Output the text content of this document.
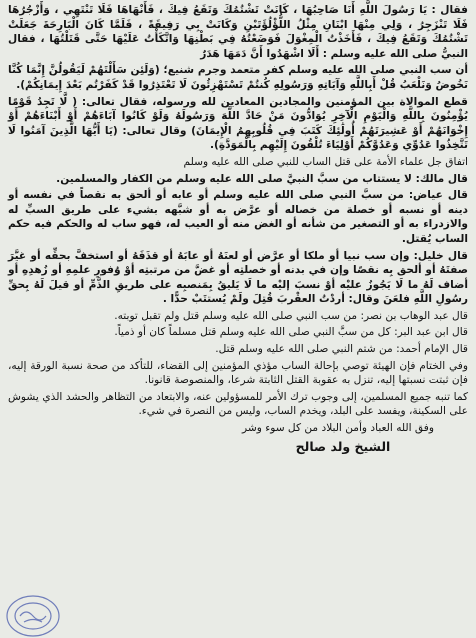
فقال : يَا رَسُولَ اللَّهِ أَنَا صَاحِبُهَا ، كَانَتْ تَشْتُمُكَ وَتَقَعُ فِيكَ ، فَأَنْهَاهَا فَلَا تَنْتَهِي ، وَأَزْجُرُهَا فَلَا تَنْزَجِرُ ، وَلِي مِنْهَا ابْنَانِ مِثْلُ اللُّؤْلُؤَتَيْنِ وَكَانَتْ بِي رَفِيقَةً ، فَلَمَّا كَانَ الْبَارِحَةَ جَعَلَتْ تَشْتُمُكَ وَتَقَعُ فِيكَ ، فَأَخَذْتُ الْمِغْوَلَ فَوَضَعْتُهُ فِي بَطْنِهَا وَاتَّكَأْتُ عَلَيْهَا حَتَّى قَتَلْتُهَا ، فقال النبيُّ صلى الله عليه وسلم : أَلَا اشْهَدُوا أَنَّ دَمَهَا هَدَرٌ

أن سب النبي صلى الله عليه وسلم كفر متعمد وجرم شنيع؛ (وَلَئِن سَأَلْتَهُمْ لَيَقُولُنَّ إِنَّمَا كُنَّا نَخُوضُ وَنَلْعَبُ قُلْ أَبِاللَّهِ وَآيَاتِهِ وَرَسُولِهِ كُنتُمْ تَسْتَهْزِئُونَ لَا تَعْتَذِرُوا قَدْ كَفَرْتُم بَعْدَ إِيمَانِكُمْ).

قطع الموالاة بين المؤمنين والمجادين المعادين لله ورسوله، فقال تعالى: ( لَّا تَجِدُ قَوْمًا يُؤْمِنُونَ بِاللَّهِ وَالْيَوْمِ الْآخِرِ يُوَادُّونَ مَنْ حَادَّ اللَّهَ وَرَسُولَهُ وَلَوْ كَانُوا آبَاءَهُمْ أَوْ أَبْنَاءَهُمْ أَوْ إِخْوَانَهُمْ أَوْ عَشِيرَتَهُمْ أُولَٰئِكَ كَتَبَ فِي قُلُوبِهِمُ الْإِيمَانَ) وقال تعالى: (يَا أَيُّهَا الَّذِينَ آمَنُوا لَا تَتَّخِذُوا عَدُوِّي وَعَدُوَّكُمْ أَوْلِيَاءَ تُلْقُونَ إِلَيْهِم بِالْمَوَدَّةِ).

اتفاق جل علماء الأمة على قتل الساب للنبي صلى الله عليه وسلم

قال مالك: لا يستتاب من سبَّ النبيَّ صلى الله عليه وسلم من الكفار والمسلمين.

قال عياض: من سبَّ النبي صلى الله عليه وسلم أو عابه أو ألحق به نقصاً في نفسه أو دينه أو نسبه أو خصلة من خصاله أو عرَّض به أو شبَّهه بشيء على طريق السبِّ له والازدراء به أو التصغير من شأنه أو الغض منه أو العيب له، فهو ساب له والحكم فيه حكم الساب يُقتل.

قال خليل: وإن سب نبيا أو ملكا أو عرَّض أو لعنَهُ أو عابَهُ أو قذَفَهُ أو استخفَّ بحقِّه أو غيَّرَ صفتَهُ أو ألحق بِه نقصًا وإن في بدنه أو خصلتِه أو غضَّ من مرتبتِه أوْ وُفورِ علمِهِ أو زُهدِهِ أو أضاف لَهُ ما لَا يَجُوزُ عليْه أوْ نسبَ إليْه ما لَا يَليقُ بِمَنصبِه على طريقِ الذَّمِّ أو قيلَ لَهُ بِحقِّ رسُولِ اللَّهِ فلعَنَ وقال: أردْتُ العقْربَ قُتِلَ ولَمْ يُستتَبْ حدًّا .

قال عبد الوهاب بن نصر: من سب النبي صلى الله عليه وسلم قتل ولم تقبل توبته.

قال ابن عبد البر: كل من سبَّ النبي صلى الله عليه وسلم قتل مسلماً كان أو ذمياً.

قال الإمام أحمد: من شتم النبي صلى الله عليه وسلم قتل.

وفي الختام فإن الهيئة توصي بإحالة الساب مؤذي المؤمنين إلى القضاء، للتأكد من صحة نسبة الورقة إليه، فإن ثبتت نسبتها إليه، تنزل به عقوبة القتل الثابتة شرعا، والمنصوصة قانونا.

كما تنبه جميع المسلمين، إلى وجوب ترك الأمر للمسؤولين عنه، والابتعاد من التظاهر والحشد الذي يشوش على السكينة، ويفسد على البلد، ويخدم الساب، وليس من النصرة في شيء.

وفق الله العباد وأمن البلاد من كل سوء وشر

الشيخ ولد صالح
